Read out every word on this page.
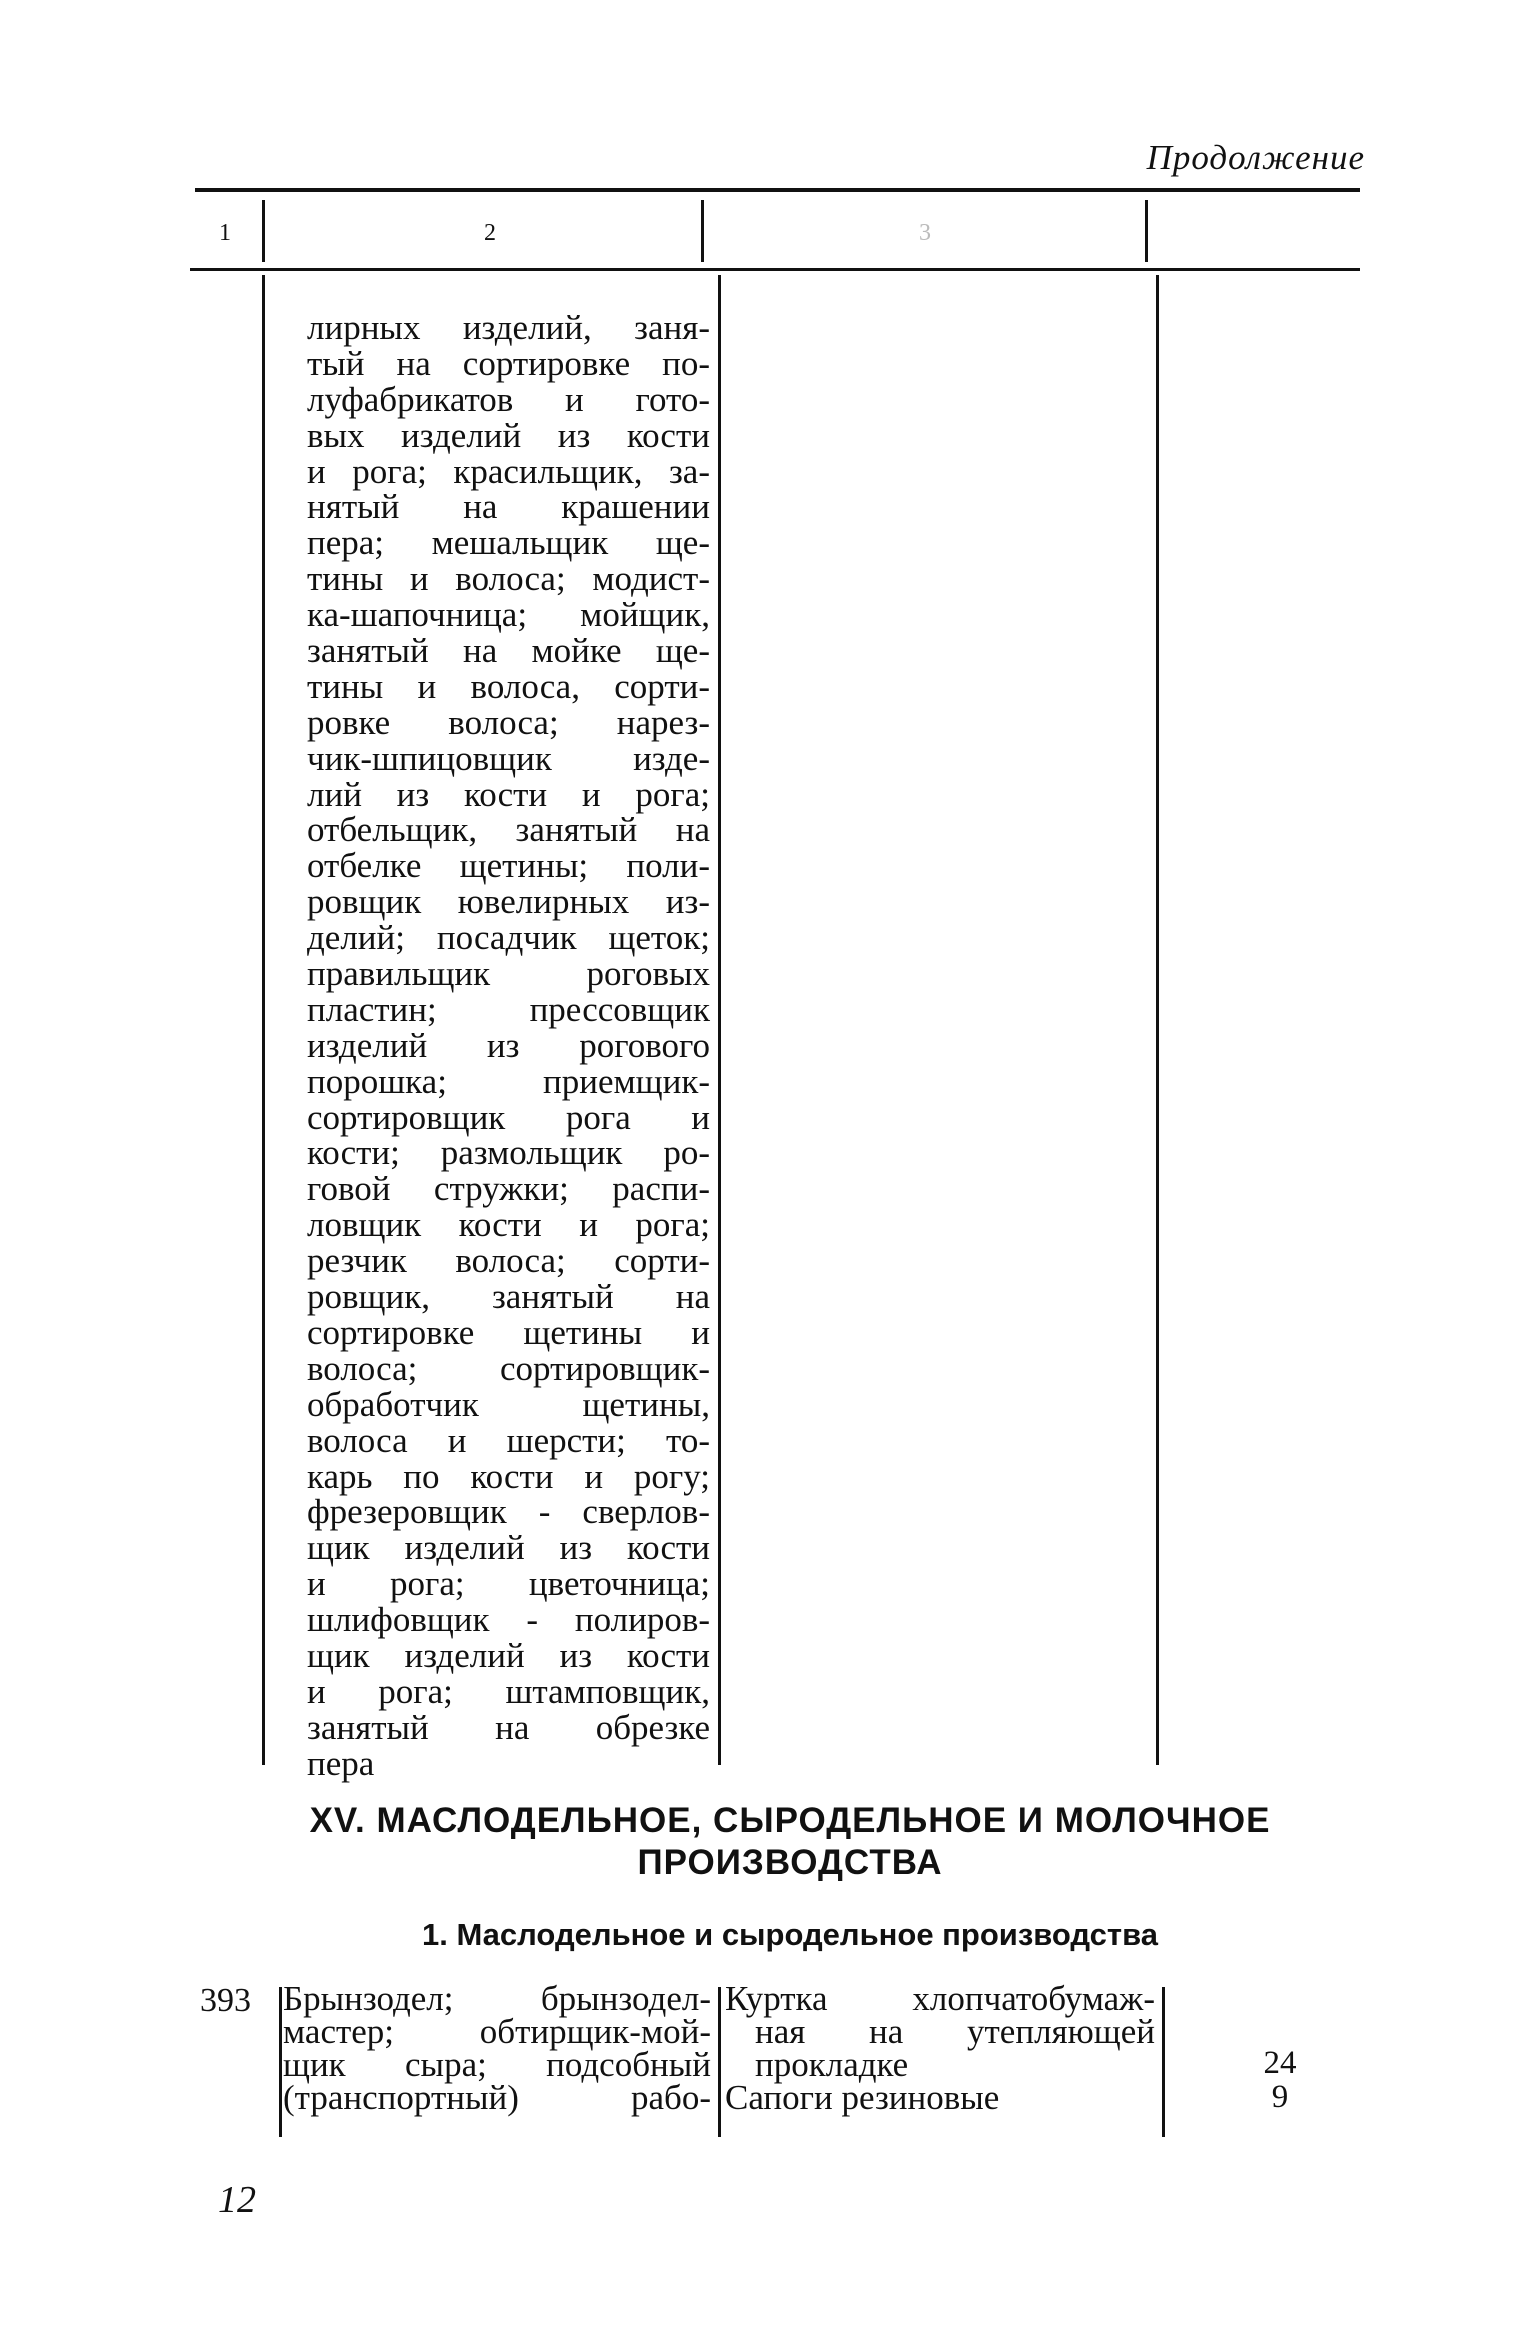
Продолжение
1	2	3
лирных изделий, заня-
тый на сортировке по-
луфабрикатов и гото-
вых изделий из кости
и рога; красильщик, за-
нятый на крашении
пера; мешальщик ще-
тины и волоса; модист-
ка-шапочница; мойщик,
занятый на мойке ще-
тины и волоса, сорти-
ровке волоса; нарез-
чик-шпицовщик изде-
лий из кости и рога;
отбельщик, занятый на
отбелке щетины; поли-
ровщик ювелирных из-
делий; посадчик щеток;
правильщик роговых
пластин; прессовщик
изделий из рогового
порошка; приемщик-
сортировщик рога и
кости; размольщик ро-
говой стружки; распи-
ловщик кости и рога;
резчик волоса; сорти-
ровщик, занятый на
сортировке щетины и
волоса; сортировщик-
обработчик щетины,
волоса и шерсти; то-
карь по кости и рогу;
фрезеровщик - сверлов-
щик изделий из кости
и рога; цветочница;
шлифовщик - полиров-
щик изделий из кости
и рога; штамповщик,
занятый на обрезке
пера
XV. МАСЛОДЕЛЬНОЕ, СЫРОДЕЛЬНОЕ И МОЛОЧНОЕ
ПРОИЗВОДСТВА
1. Маслодельное и сыродельное производства
393 Брынзодел; брынзодел-
мастер; обтирщик-мой-
щик сыра; подсобный
(транспортный) рабо-
Куртка хлопчатобумаж-
ная на утепляющей
прокладке
Сапоги резиновые
24
9
12
